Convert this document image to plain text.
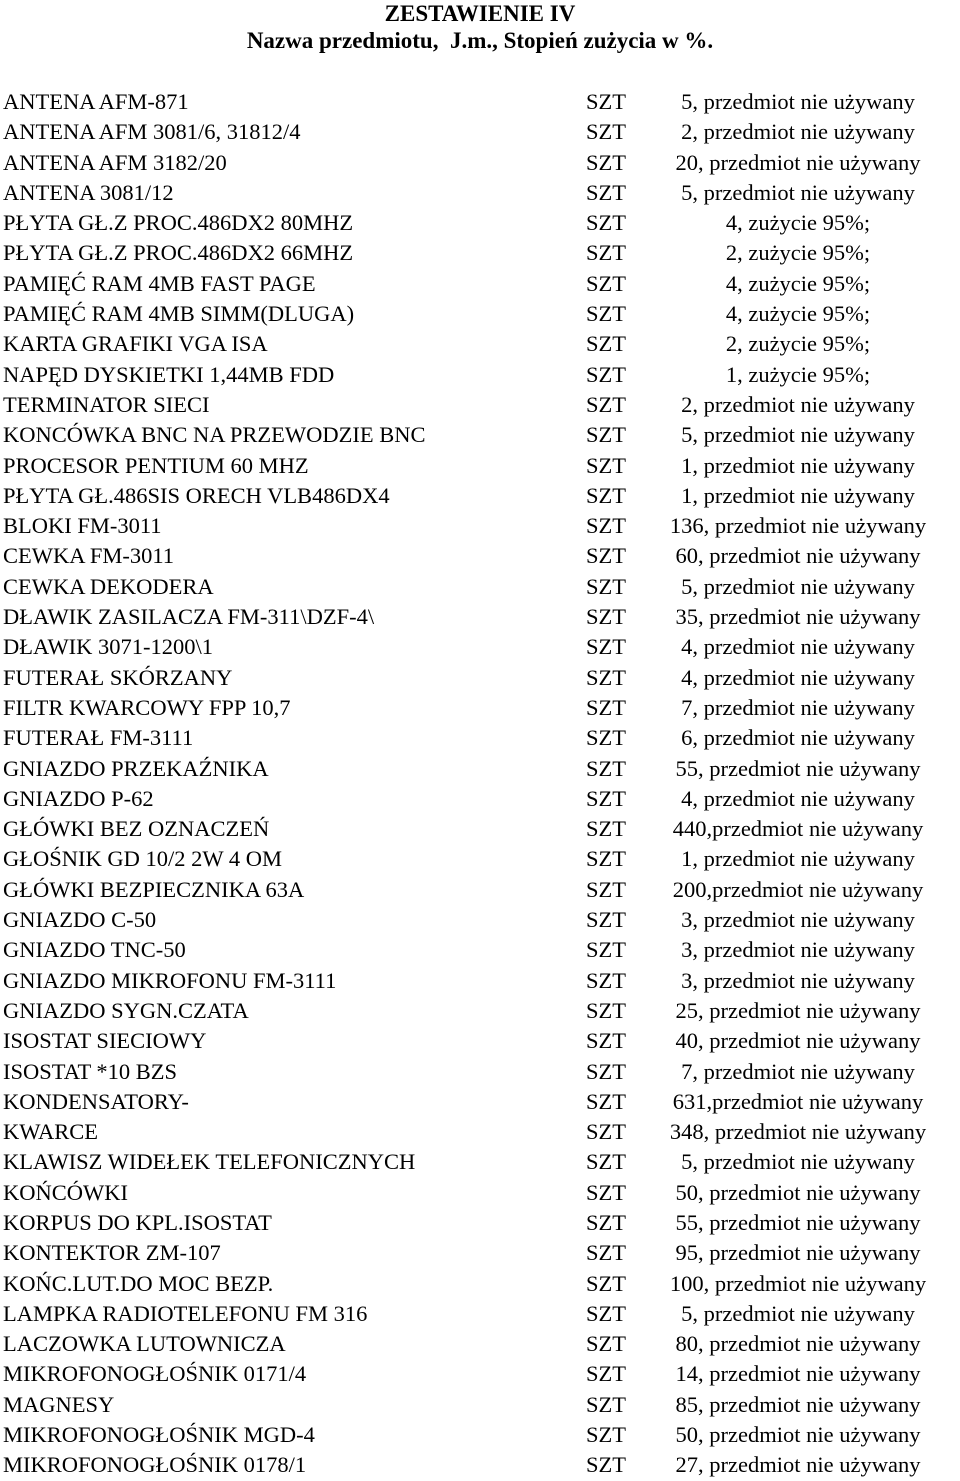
ZESTAWIENIE IV
Nazwa przedmiotu,  J.m., Stopień zużycia w %.
ANTENA AFM-871	SZT	5, przedmiot nie używany
ANTENA AFM 3081/6, 31812/4	SZT	2, przedmiot nie używany
ANTENA AFM 3182/20	SZT	20, przedmiot nie używany
ANTENA 3081/12	SZT	5, przedmiot nie używany
PŁYTA GŁ.Z PROC.486DX2 80MHZ	SZT	4, zużycie 95%;
PŁYTA GŁ.Z PROC.486DX2 66MHZ	SZT	2, zużycie 95%;
PAMIĘĆ RAM 4MB FAST PAGE	SZT	4, zużycie 95%;
PAMIĘĆ RAM 4MB SIMM(DLUGA)	SZT	4, zużycie 95%;
KARTA GRAFIKI VGA ISA	SZT	2, zużycie 95%;
NAPĘD DYSKIETKI 1,44MB FDD	SZT	1, zużycie 95%;
TERMINATOR SIECI	SZT	2, przedmiot nie używany
KONCÓWKA BNC NA PRZEWODZIE BNC	SZT	5, przedmiot nie używany
PROCESOR PENTIUM 60 MHZ	SZT	1, przedmiot nie używany
PŁYTA GŁ.486SIS ORECH VLB486DX4	SZT	1, przedmiot nie używany
BLOKI FM-3011	SZT	136, przedmiot nie używany
CEWKA FM-3011	SZT	60, przedmiot nie używany
CEWKA DEKODERA	SZT	5, przedmiot nie używany
DŁAWIK ZASILACZA FM-311\DZF-4\	SZT	35, przedmiot nie używany
DŁAWIK 3071-1200\1	SZT	4, przedmiot nie używany
FUTERAŁ SKÓRZANY	SZT	4, przedmiot nie używany
FILTR KWARCOWY FPP 10,7	SZT	7, przedmiot nie używany
FUTERAŁ FM-3111	SZT	6, przedmiot nie używany
GNIAZDO PRZEKAŹNIKA	SZT	55, przedmiot nie używany
GNIAZDO P-62	SZT	4, przedmiot nie używany
GŁÓWKI BEZ OZNACZEŃ	SZT	440,przedmiot nie używany
GŁOŚNIK GD 10/2 2W 4 OM	SZT	1, przedmiot nie używany
GŁÓWKI BEZPIECZNIKA 63A	SZT	200,przedmiot nie używany
GNIAZDO C-50	SZT	3, przedmiot nie używany
GNIAZDO TNC-50	SZT	3, przedmiot nie używany
GNIAZDO MIKROFONU FM-3111	SZT	3, przedmiot nie używany
GNIAZDO SYGN.CZATA	SZT	25, przedmiot nie używany
ISOSTAT SIECIOWY	SZT	40, przedmiot nie używany
ISOSTAT *10 BZS	SZT	7, przedmiot nie używany
KONDENSATORY-	SZT	631,przedmiot nie używany
KWARCE	SZT	348, przedmiot nie używany
KLAWISZ WIDEŁEK TELEFONICZNYCH	SZT	5, przedmiot nie używany
KOŃCÓWKI	SZT	50, przedmiot nie używany
KORPUS DO KPL.ISOSTAT	SZT	55, przedmiot nie używany
KONTEKTOR ZM-107	SZT	95, przedmiot nie używany
KOŃC.LUT.DO MOC BEZP.	SZT	100, przedmiot nie używany
LAMPKA RADIOTELEFONU FM 316	SZT	5, przedmiot nie używany
LACZOWKA LUTOWNICZA	SZT	80, przedmiot nie używany
MIKROFONOGŁOŚNIK 0171/4	SZT	14, przedmiot nie używany
MAGNESY	SZT	85, przedmiot nie używany
MIKROFONOGŁOŚNIK MGD-4	SZT	50, przedmiot nie używany
MIKROFONOGŁOŚNIK 0178/1	SZT	27, przedmiot nie używany
